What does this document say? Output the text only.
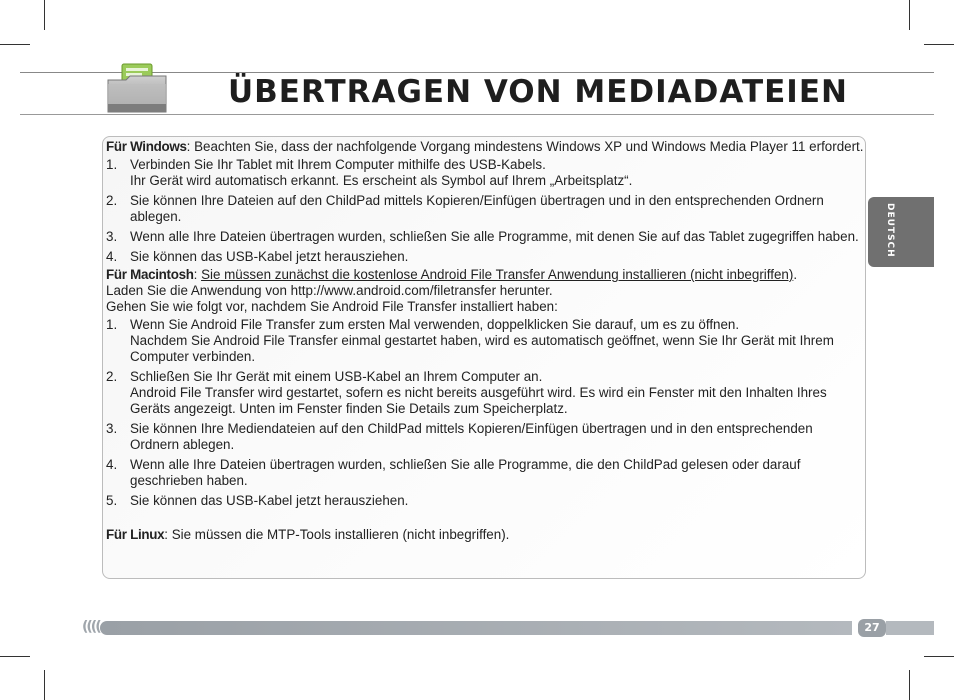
ÜBERTRAGEN VON MEDIADATEIEN
DEUTSCH

Für Windows: Beachten Sie, dass der nachfolgende Vorgang mindestens Windows XP und Windows Media Player 11 erfordert.

1. Verbinden Sie Ihr Tablet mit Ihrem Computer mithilfe des USB-Kabels.
Ihr Gerät wird automatisch erkannt. Es erscheint als Symbol auf Ihrem „Arbeitsplatz“.
2. Sie können Ihre Dateien auf den ChildPad mittels Kopieren/Einfügen übertragen und in den entsprechenden Ordnern ablegen.
3. Wenn alle Ihre Dateien übertragen wurden, schließen Sie alle Programme, mit denen Sie auf das Tablet zugegriffen haben.
4. Sie können das USB-Kabel jetzt herausziehen.

Für Macintosh: Sie müssen zunächst die kostenlose Android File Transfer Anwendung installieren (nicht inbegriffen).

Laden Sie die Anwendung von http://www.android.com/filetransfer herunter.

Gehen Sie wie folgt vor, nachdem Sie Android File Transfer installiert haben:

1. Wenn Sie Android File Transfer zum ersten Mal verwenden, doppelklicken Sie darauf, um es zu öffnen.
Nachdem Sie Android File Transfer einmal gestartet haben, wird es automatisch geöffnet, wenn Sie Ihr Gerät mit Ihrem Computer verbinden.
2. Schließen Sie Ihr Gerät mit einem USB-Kabel an Ihrem Computer an.
Android File Transfer wird gestartet, sofern es nicht bereits ausgeführt wird. Es wird ein Fenster mit den Inhalten Ihres Geräts angezeigt. Unten im Fenster finden Sie Details zum Speicherplatz.
3. Sie können Ihre Mediendateien auf den ChildPad mittels Kopieren/Einfügen übertragen und in den entsprechenden Ordnern ablegen.
4. Wenn alle Ihre Dateien übertragen wurden, schließen Sie alle Programme, die den ChildPad gelesen oder darauf geschrieben haben.
5. Sie können das USB-Kabel jetzt herausziehen.

Für Linux: Sie müssen die MTP-Tools installieren (nicht inbegriffen).

((((	27
